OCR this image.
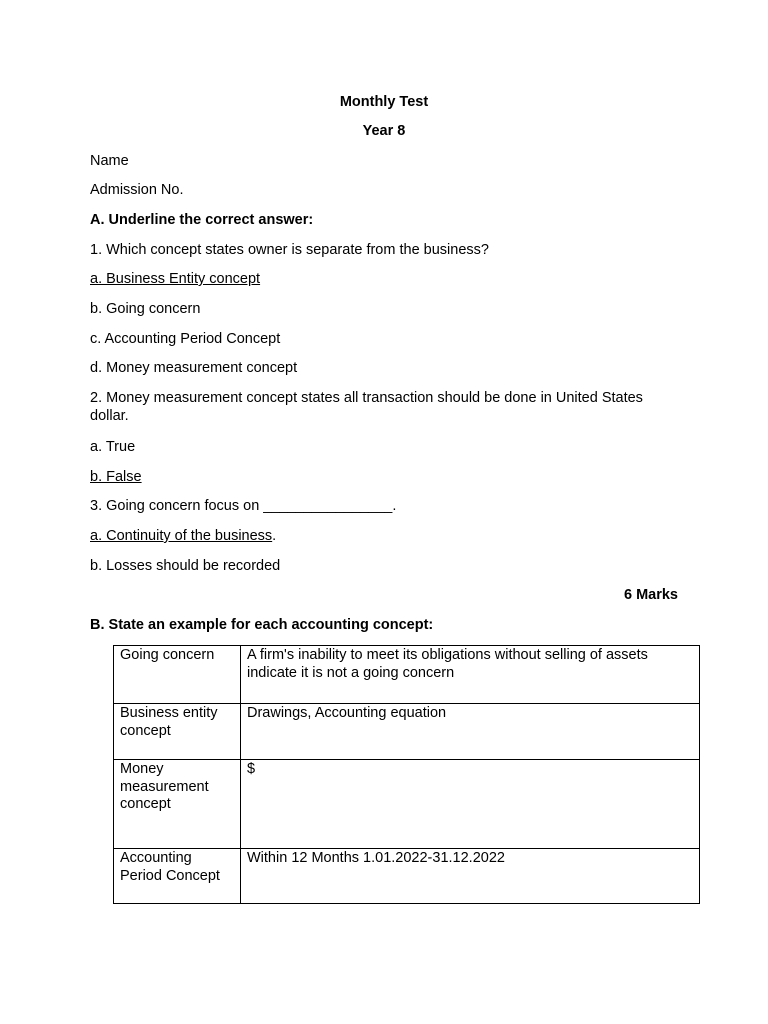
Monthly Test
Year 8
Name
Admission No.
A. Underline the correct answer:
1. Which concept states owner is separate from the business?
a. Business Entity concept
b. Going concern
c. Accounting Period Concept
d. Money measurement concept
2. Money measurement concept states all transaction should be done in United States dollar.
a. True
b. False
3. Going concern focus on ________________.
a. Continuity of the business.
b. Losses should be recorded
6 Marks
B. State an example for each accounting concept:
Going concern	A firm's inability to meet its obligations without selling of assets indicate it is not a going concern
Business entity concept	Drawings, Accounting equation
Money measurement concept	$
Accounting Period Concept	Within 12 Months 1.01.2022-31.12.2022
